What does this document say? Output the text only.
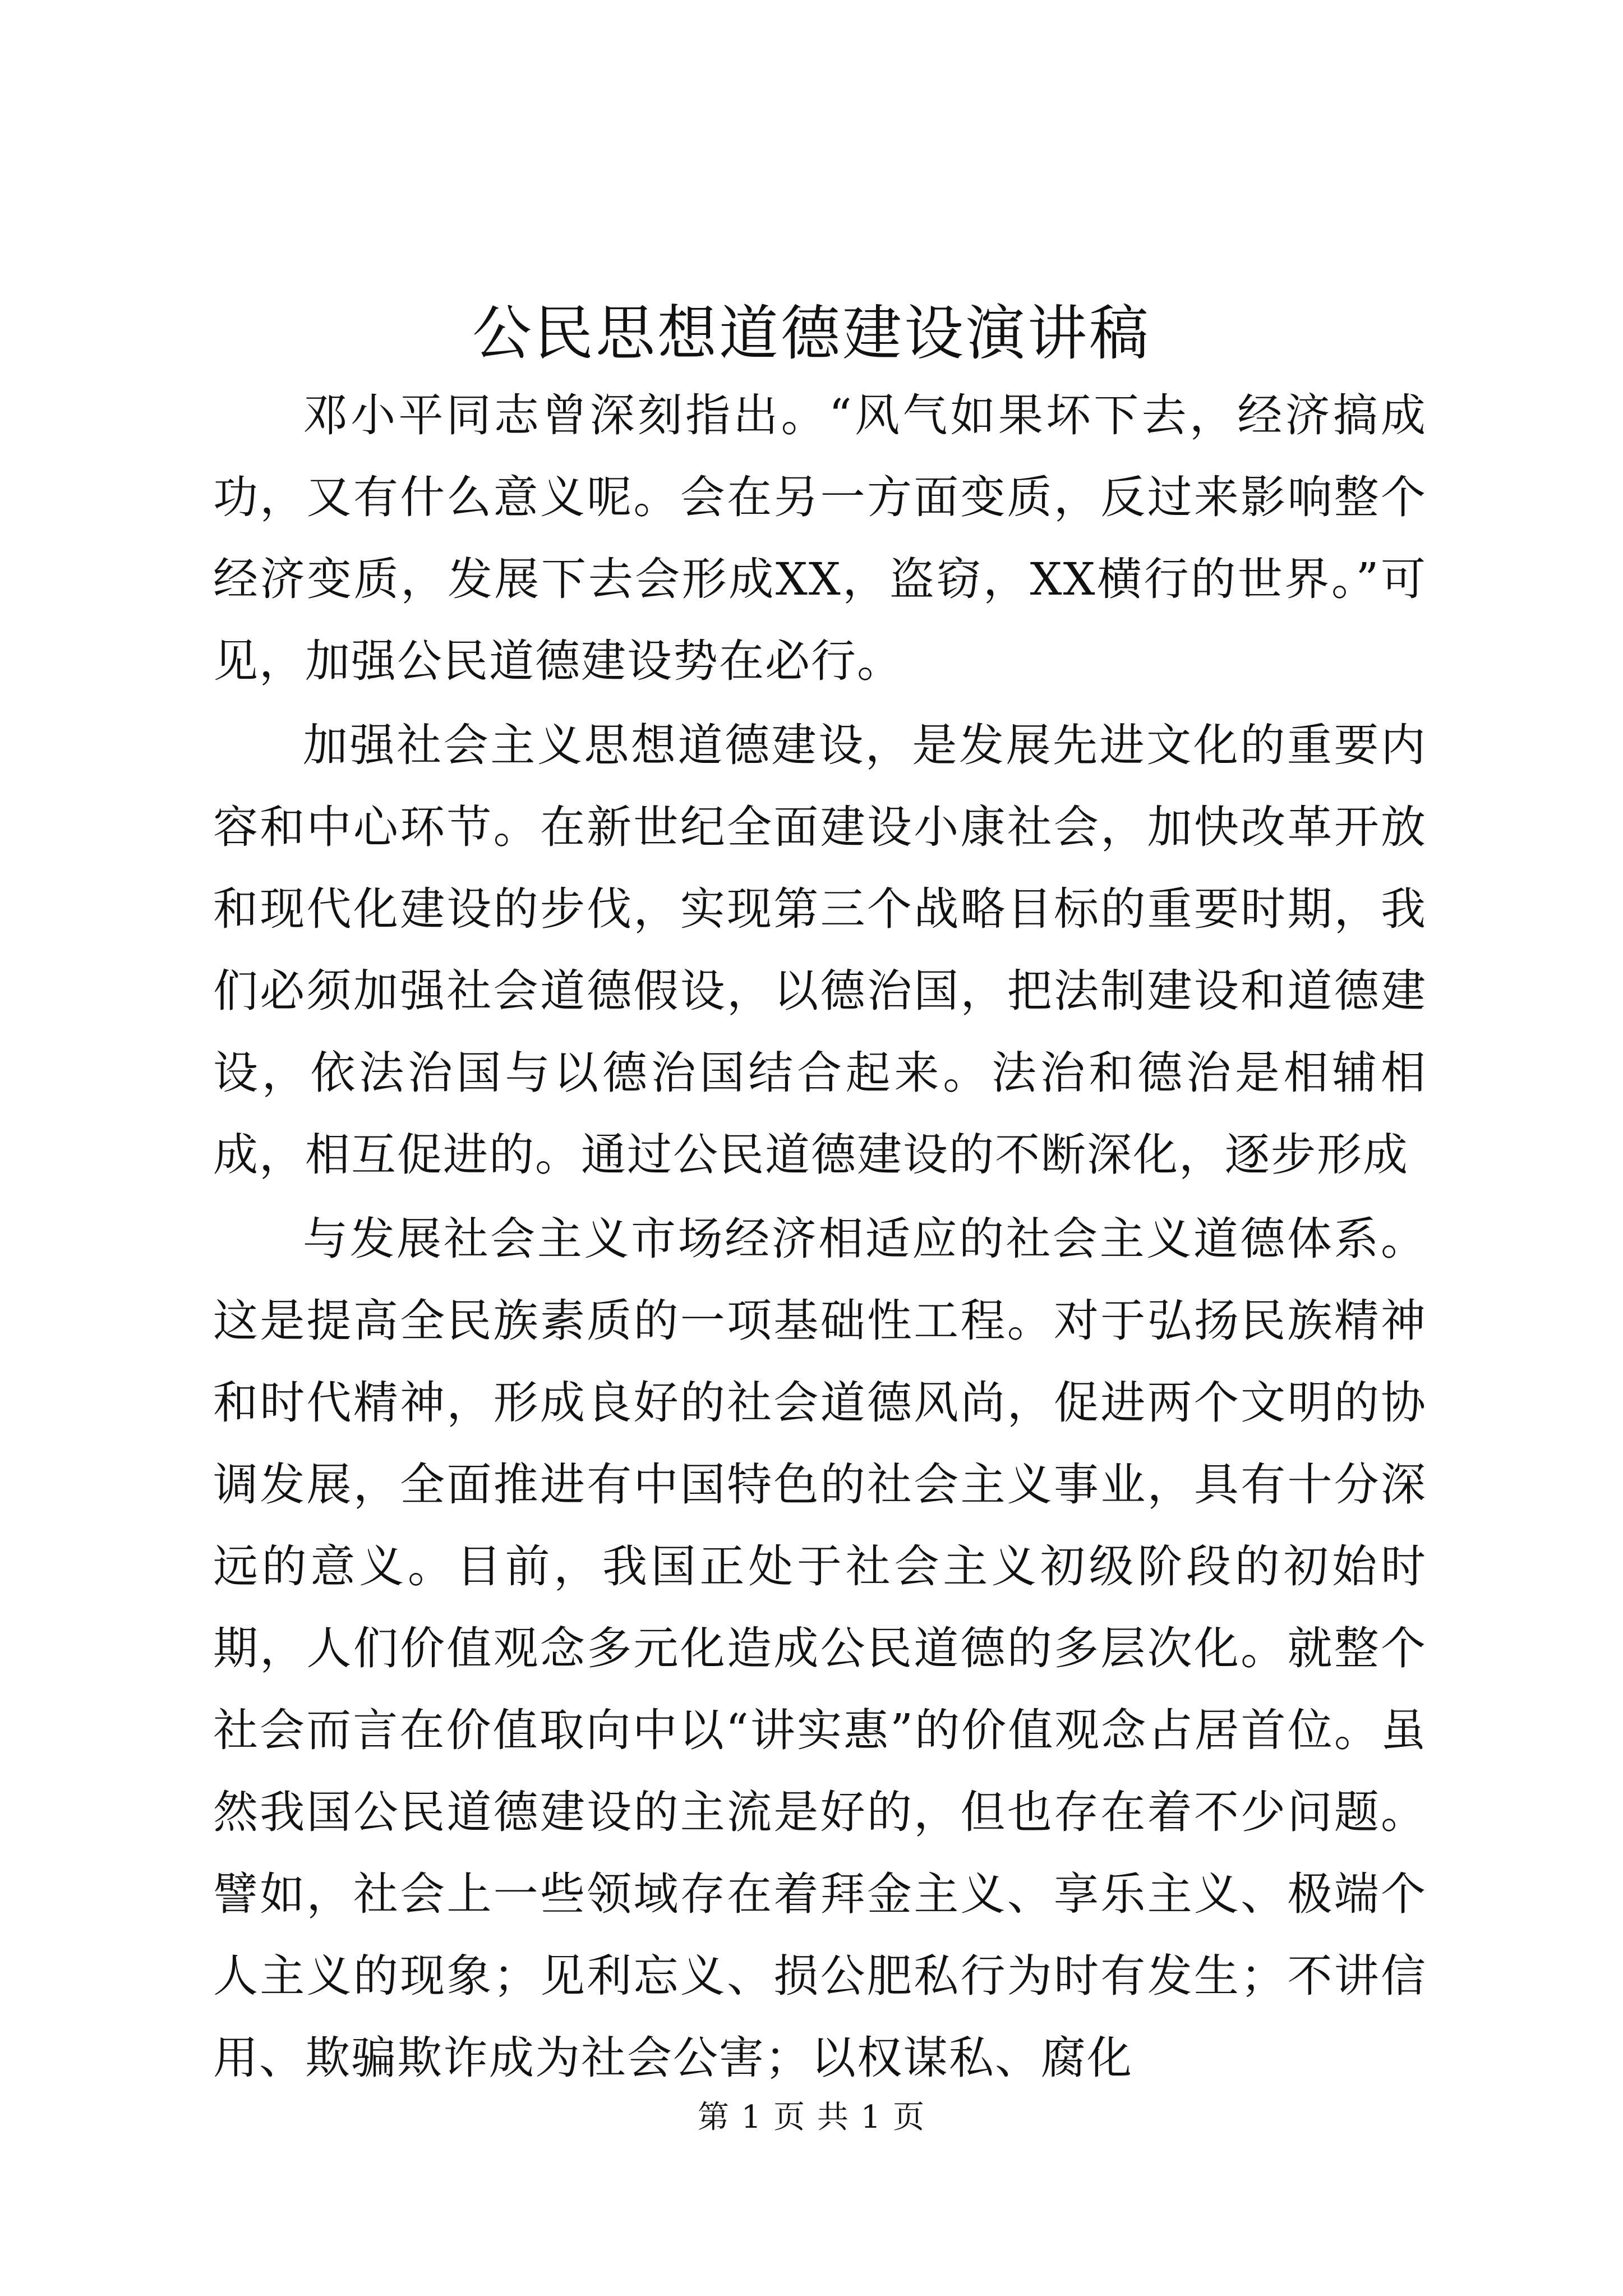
公民思想道德建设演讲稿

邓小平同志曾深刻指出。“风气如果坏下去，经济搞成功，又有什么意义呢。会在另一方面变质，反过来影响整个经济变质，发展下去会形成XX，盗窃，XX横行的世界。”可见，加强公民道德建设势在必行。

加强社会主义思想道德建设，是发展先进文化的重要内容和中心环节。在新世纪全面建设小康社会，加快改革开放和现代化建设的步伐，实现第三个战略目标的重要时期，我们必须加强社会道德假设，以德治国，把法制建设和道德建设，依法治国与以德治国结合起来。法治和德治是相辅相成，相互促进的。通过公民道德建设的不断深化，逐步形成

与发展社会主义市场经济相适应的社会主义道德体系。这是提高全民族素质的一项基础性工程。对于弘扬民族精神和时代精神，形成良好的社会道德风尚，促进两个文明的协调发展，全面推进有中国特色的社会主义事业，具有十分深远的意义。目前，我国正处于社会主义初级阶段的初始时期，人们价值观念多元化造成公民道德的多层次化。就整个社会而言在价值取向中以“讲实惠”的价值观念占居首位。虽然我国公民道德建设的主流是好的，但也存在着不少问题。譬如，社会上一些领域存在着拜金主义、享乐主义、极端个人主义的现象；见利忘义、损公肥私行为时有发生；不讲信用、欺骗欺诈成为社会公害；以权谋私、腐化

第 1 页 共 1 页
